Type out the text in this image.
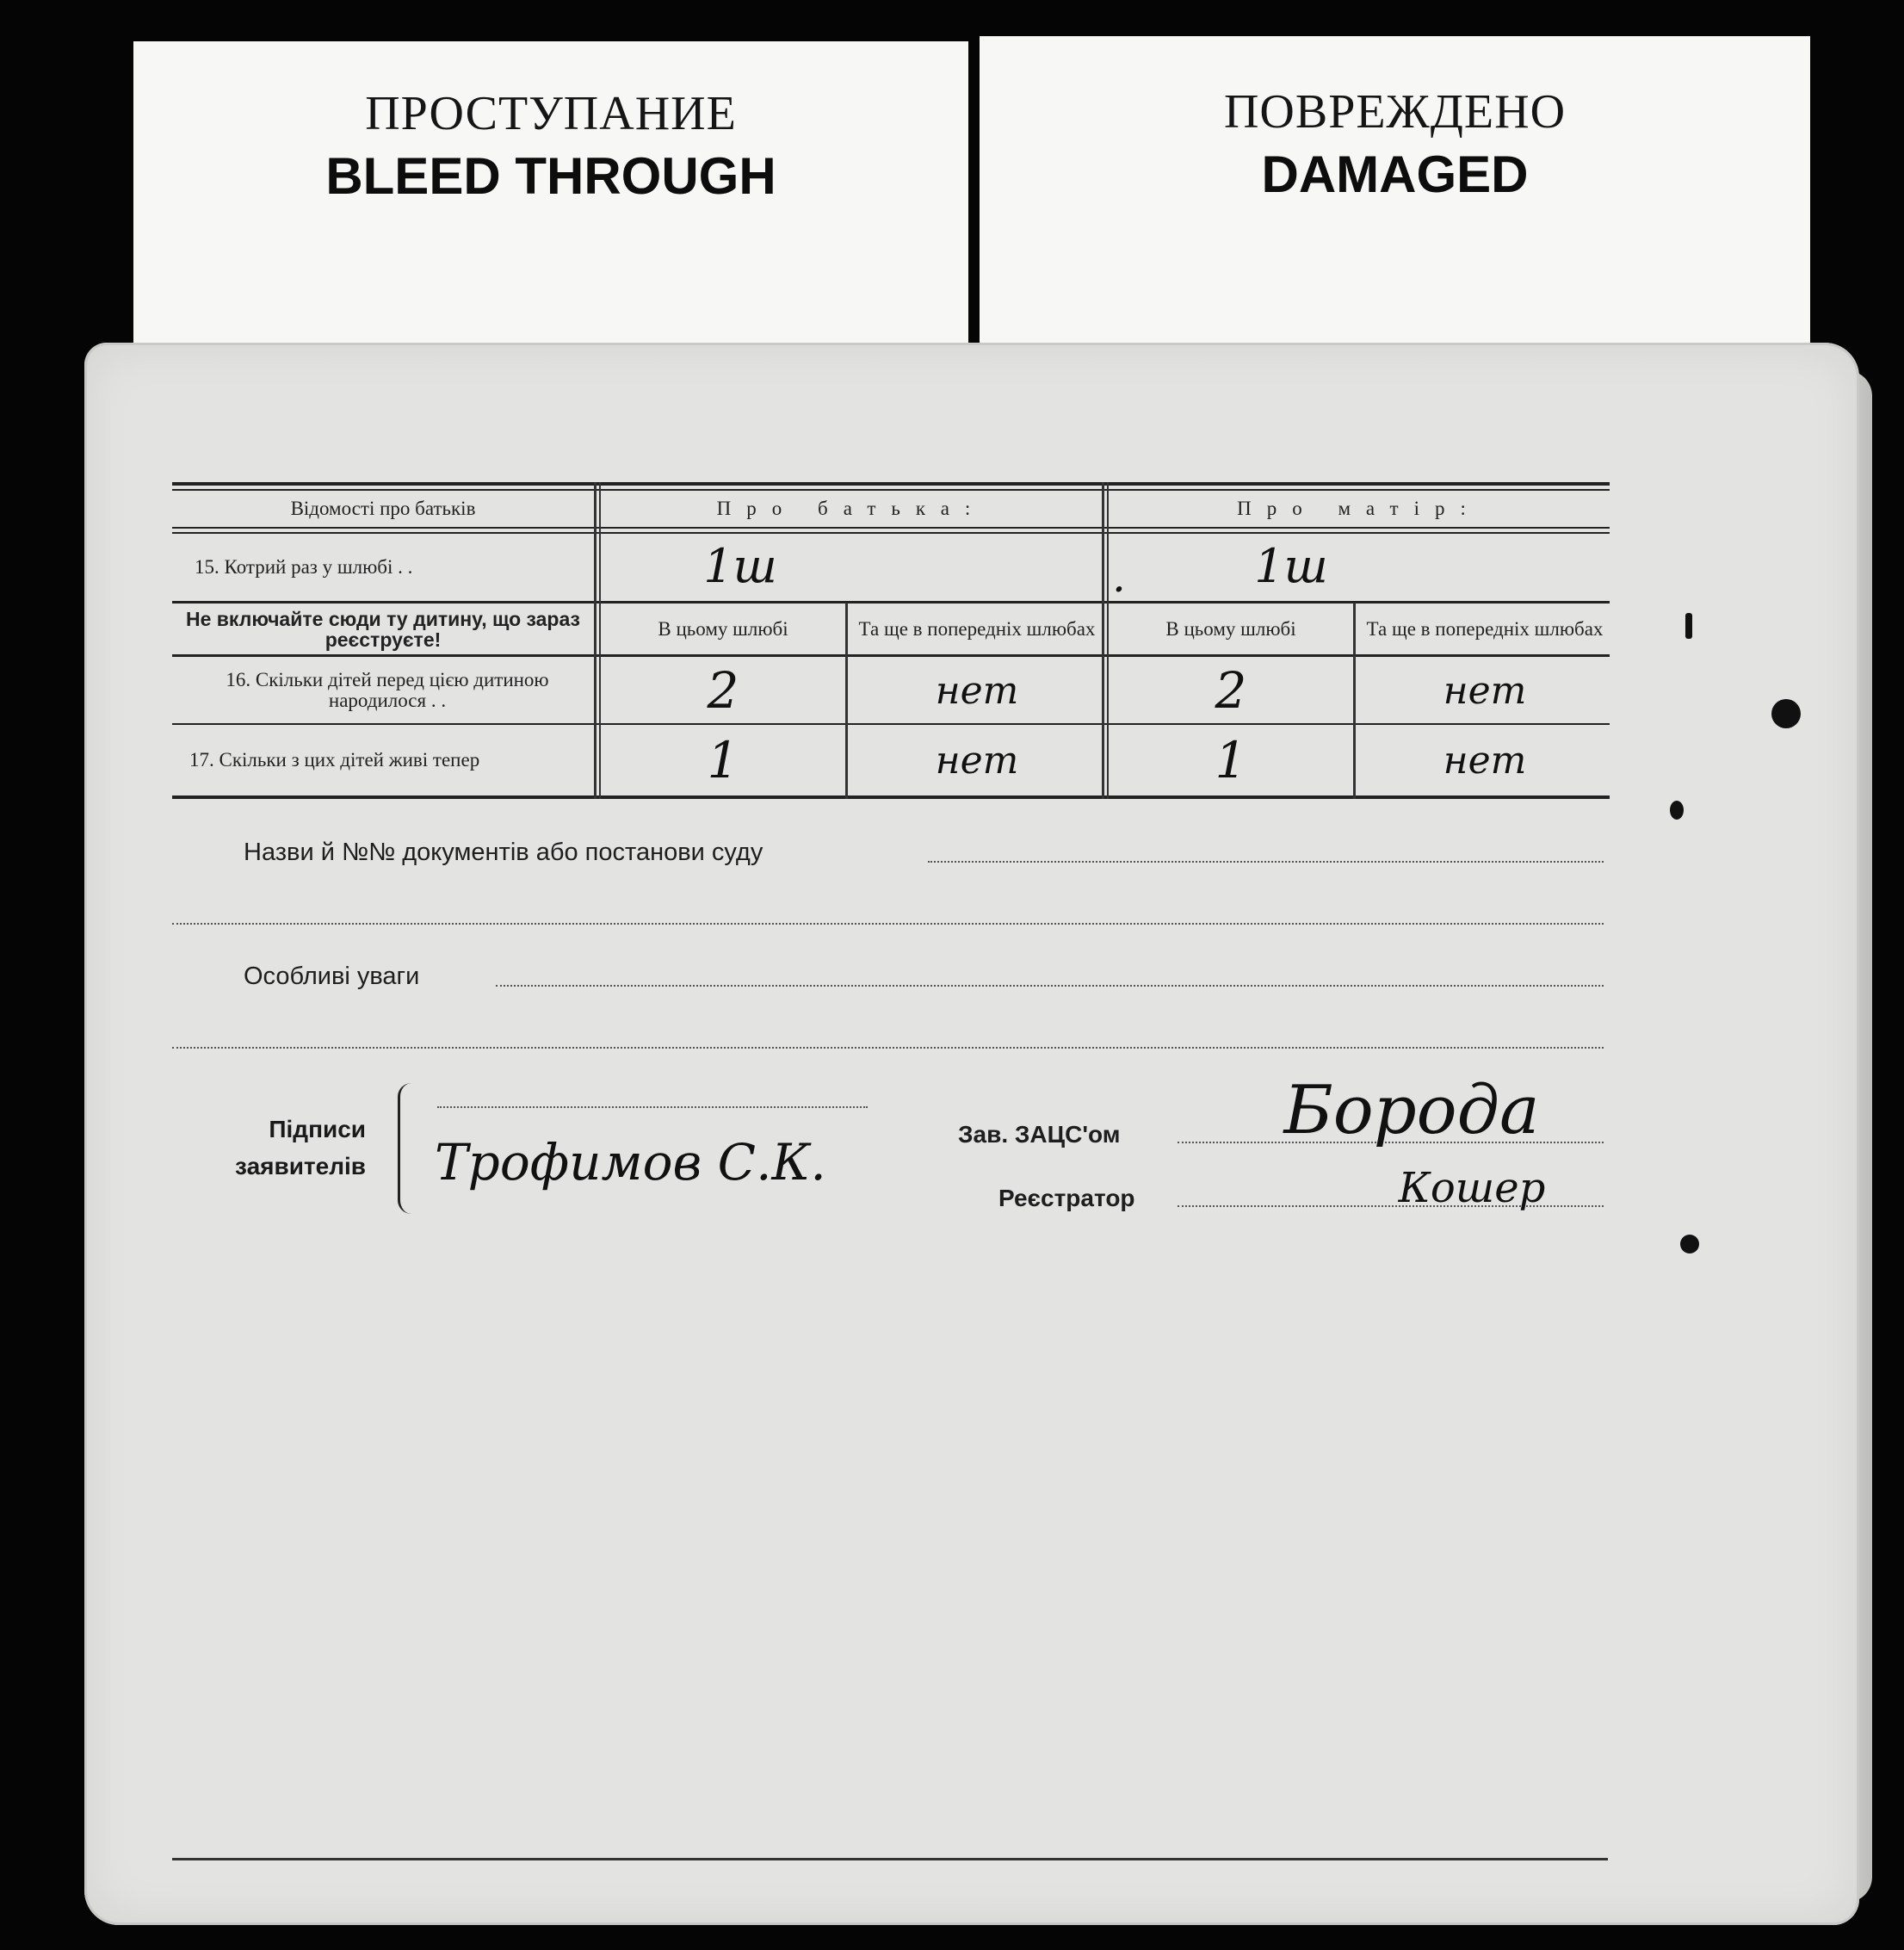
ПРОСТУПАНИЕ
BLEED THROUGH
ПОВРЕЖДЕНО
DAMAGED
Відомості про батьків	Про батька:	Про матір:
15. Котрий раз у шлюбі . .	1ш	.	1ш
Не включайте сюди ту дитину, що зараз реєструєте!	В цьому шлюбі	Та ще в попередніх шлюбах	В цьому шлюбі	Та ще в попередніх шлюбах
16. Скільки дітей перед цією дитиною народилося . .	2	нет	2	нет
17. Скільки з цих дітей живі тепер	1	нет	1	нет
Назви й №№ документів або постанови суду
Особливі уваги
Підписи
заявителів Трофимов С.К.	Зав. ЗАЦС'ом
Реєстратор
Борода
Кошер
